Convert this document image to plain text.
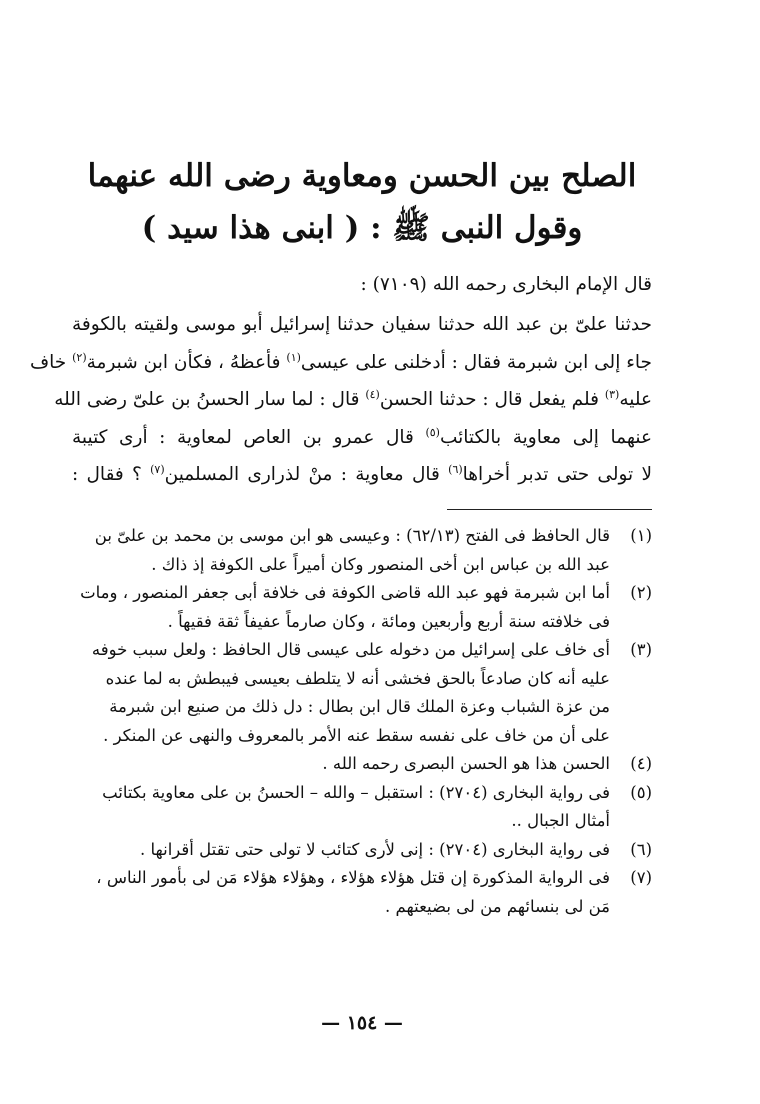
الصلح بين الحسن ومعاوية رضى الله عنهما
وقول النبى ﷺ : ( ابنى هذا سيد )
قال الإمام البخارى رحمه الله (٧١٠٩) :
حدثنا علىّ بن عبد الله حدثنا سفيان حدثنا إسرائيل أبو موسى ولقيته بالكوفة
جاء إلى ابن شبرمة فقال : أدخلنى على عيسى$^{(١)}$ فأعظهُ ، فكأن ابن شبرمة$^{(٢)}$ خاف
عليه$^{(٣)}$ فلم يفعل قال : حدثنا الحسن$^{(٤)}$ قال : لما سار الحسنُ بن علىّ رضى الله
عنهما إلى معاوية بالكتائب$^{(٥)}$ قال عمرو بن العاص لمعاوية : أرى كتيبة
لا تولى حتى تدبر أخراها$^{(٦)}$ قال معاوية : منْ لذرارى المسلمين$^{(٧)}$ ؟ فقال :
(١)
قال الحافظ فى الفتح (٦٢/١٣) : وعيسى هو ابن موسى بن محمد بن علىّ بن
عبد الله بن عباس ابن أخى المنصور وكان أميراً على الكوفة إذ ذاك .
(٢)
أما ابن شبرمة فهو عبد الله قاضى الكوفة فى خلافة أبى جعفر المنصور ، ومات
فى خلافته سنة أربع وأربعين ومائة ، وكان صارماً عفيفاً ثقة فقيهاً .
(٣)
أى خاف على إسرائيل من دخوله على عيسى قال الحافظ : ولعل سبب خوفه
عليه أنه كان صادعاً بالحق فخشى أنه لا يتلطف بعيسى فيبطش به لما عنده
من عزة الشباب وعزة الملك قال ابن بطال : دل ذلك من صنيع ابن شبرمة
على أن من خاف على نفسه سقط عنه الأمر بالمعروف والنهى عن المنكر .
(٤)
الحسن هذا هو الحسن البصرى رحمه الله .
(٥)
فى رواية البخارى (٢٧٠٤) : استقبل – والله – الحسنُ بن على معاوية بكتائب
أمثال الجبال ..
(٦)
فى رواية البخارى (٢٧٠٤) : إنى لأرى كتائب لا تولى حتى تقتل أقرانها .
(٧)
فى الرواية المذكورة إن قتل هؤلاء هؤلاء ، وهؤلاء هؤلاء مَن لى بأمور الناس ،
مَن لى بنسائهم من لى بضيعتهم .
— ١٥٤ —
